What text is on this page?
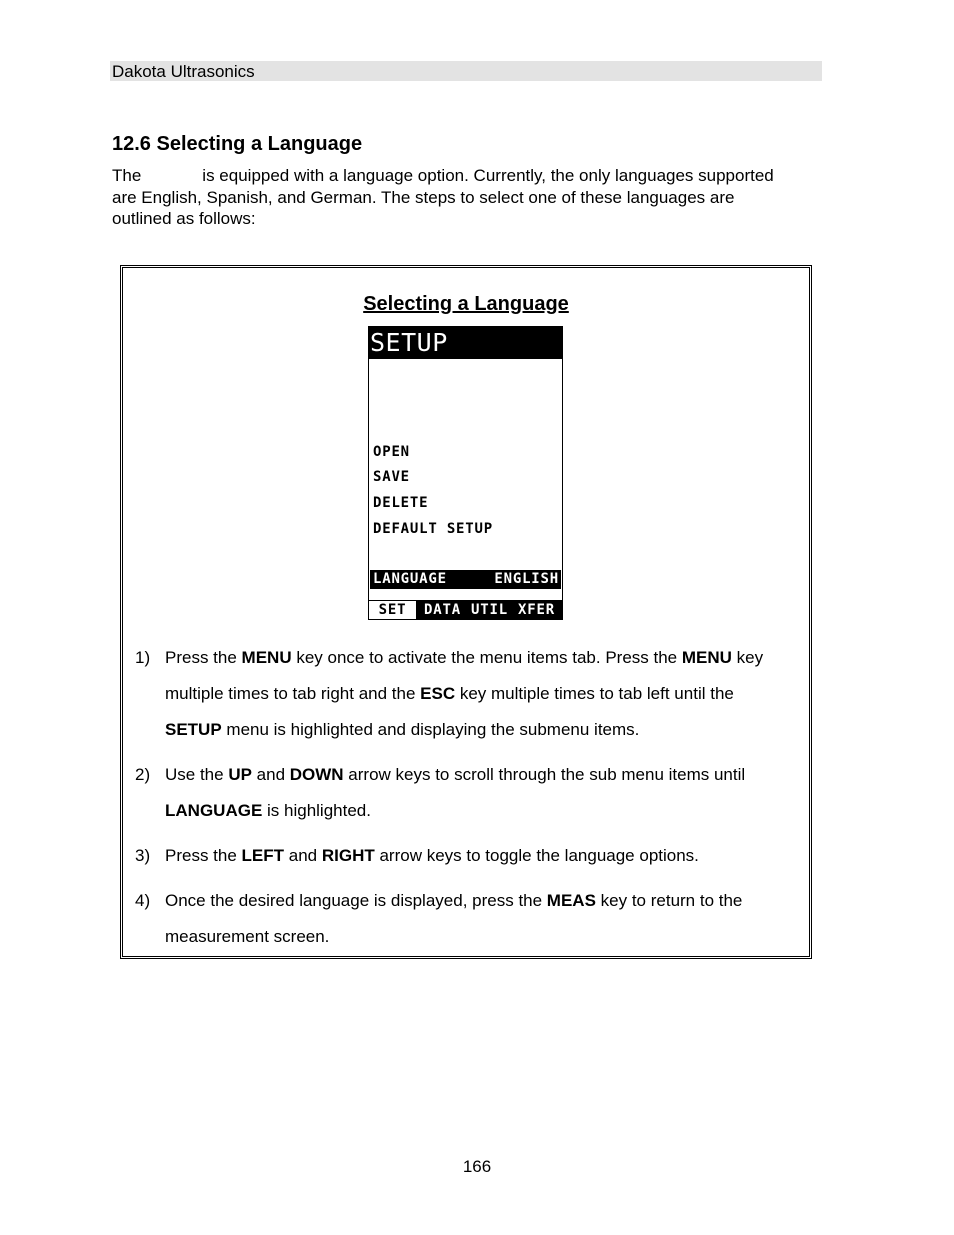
Dakota Ultrasonics
12.6 Selecting a Language

The	is equipped with a language option. Currently, the only languages supported are English, Spanish, and German. The steps to select one of these languages are outlined as follows:

Selecting a Language
SETUP OPTIONS
OPEN
SAVE
DELETE
DEFAULT SETUP
LANGUAGE	ENGLISH
SET	DATA UTIL XFER
1) Press the MENU key once to activate the menu items tab. Press the MENU key multiple times to tab right and the ESC key multiple times to tab left until the SETUP menu is highlighted and displaying the submenu items.
2) Use the UP and DOWN arrow keys to scroll through the sub menu items until LANGUAGE is highlighted.
3) Press the LEFT and RIGHT arrow keys to toggle the language options.
4) Once the desired language is displayed, press the MEAS key to return to the measurement screen.
166
